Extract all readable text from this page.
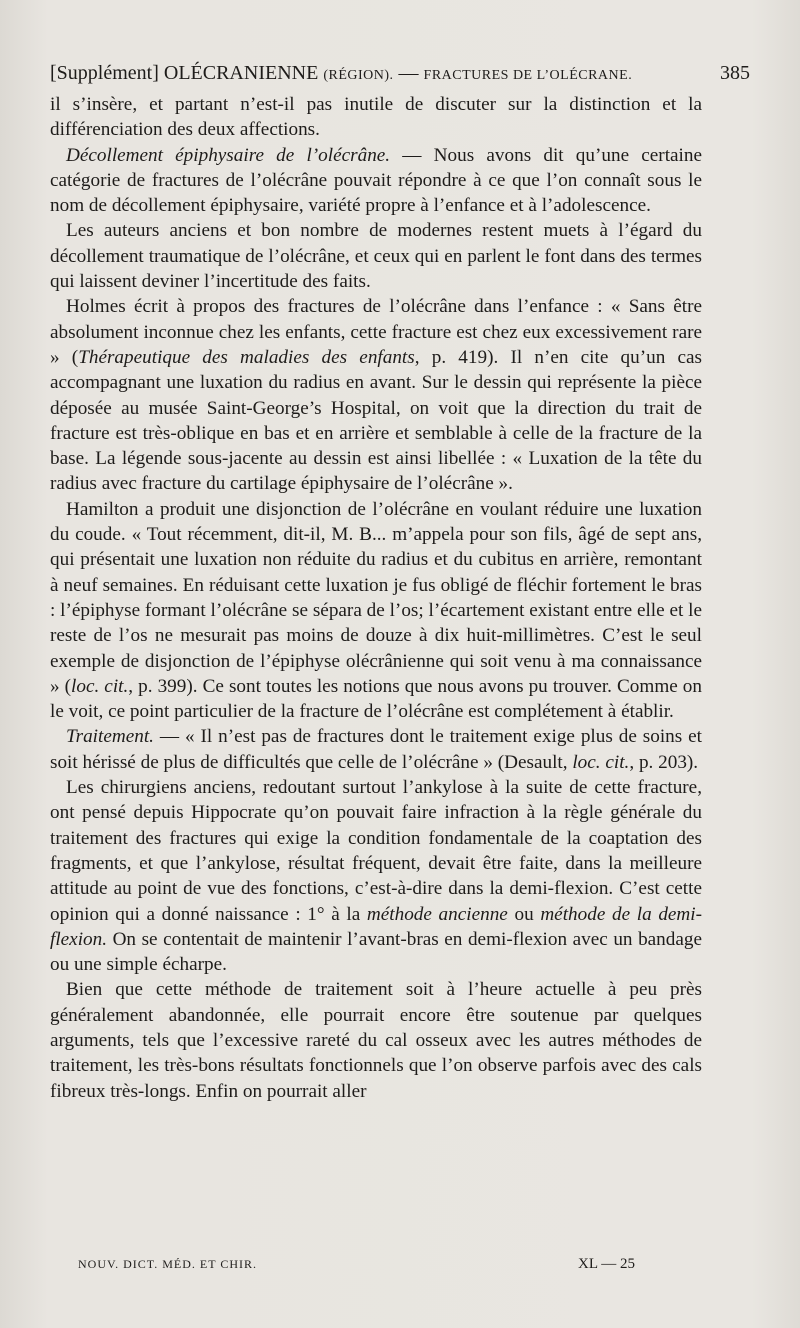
[Supplément] OLÉCRANIENNE (RÉGION). — FRACTURES DE L’OLÉCRANE.	385

il s’insère, et partant n’est-il pas inutile de discuter sur la distinction et la différenciation des deux affections.

Décollement épiphysaire de l’olécrâne. — Nous avons dit qu’une certaine catégorie de fractures de l’olécrâne pouvait répondre à ce que l’on connaît sous le nom de décollement épiphysaire, variété propre à l’enfance et à l’adolescence.

Les auteurs anciens et bon nombre de modernes restent muets à l’égard du décollement traumatique de l’olécrâne, et ceux qui en parlent le font dans des termes qui laissent deviner l’incertitude des faits.

Holmes écrit à propos des fractures de l’olécrâne dans l’enfance : « Sans être absolument inconnue chez les enfants, cette fracture est chez eux excessivement rare » (Thérapeutique des maladies des enfants, p. 419). Il n’en cite qu’un cas accompagnant une luxation du radius en avant. Sur le dessin qui représente la pièce déposée au musée Saint-George’s Hospital, on voit que la direction du trait de fracture est très-oblique en bas et en arrière et semblable à celle de la fracture de la base. La légende sous-jacente au dessin est ainsi libellée : « Luxation de la tête du radius avec fracture du cartilage épiphysaire de l’olécrâne ».

Hamilton a produit une disjonction de l’olécrâne en voulant réduire une luxation du coude. « Tout récemment, dit-il, M. B... m’appela pour son fils, âgé de sept ans, qui présentait une luxation non réduite du radius et du cubitus en arrière, remontant à neuf semaines. En réduisant cette luxation je fus obligé de fléchir fortement le bras : l’épiphyse formant l’olécrâne se sépara de l’os; l’écartement existant entre elle et le reste de l’os ne mesurait pas moins de douze à dix huit-millimètres. C’est le seul exemple de disjonction de l’épiphyse olécrânienne qui soit venu à ma connaissance » (loc. cit., p. 399). Ce sont toutes les notions que nous avons pu trouver. Comme on le voit, ce point particulier de la fracture de l’olécrâne est complétement à établir.

Traitement. — « Il n’est pas de fractures dont le traitement exige plus de soins et soit hérissé de plus de difficultés que celle de l’olécrâne » (Desault, loc. cit., p. 203).

Les chirurgiens anciens, redoutant surtout l’ankylose à la suite de cette fracture, ont pensé depuis Hippocrate qu’on pouvait faire infraction à la règle générale du traitement des fractures qui exige la condition fondamentale de la coaptation des fragments, et que l’ankylose, résultat fréquent, devait être faite, dans la meilleure attitude au point de vue des fonctions, c’est-à-dire dans la demi-flexion. C’est cette opinion qui a donné naissance : 1° à la méthode ancienne ou méthode de la demi-flexion. On se contentait de maintenir l’avant-bras en demi-flexion avec un bandage ou une simple écharpe.

Bien que cette méthode de traitement soit à l’heure actuelle à peu près généralement abandonnée, elle pourrait encore être soutenue par quelques arguments, tels que l’excessive rareté du cal osseux avec les autres méthodes de traitement, les très-bons résultats fonctionnels que l’on observe parfois avec des cals fibreux très-longs. Enfin on pourrait aller

NOUV. DICT. MÉD. ET CHIR.	XL — 25
